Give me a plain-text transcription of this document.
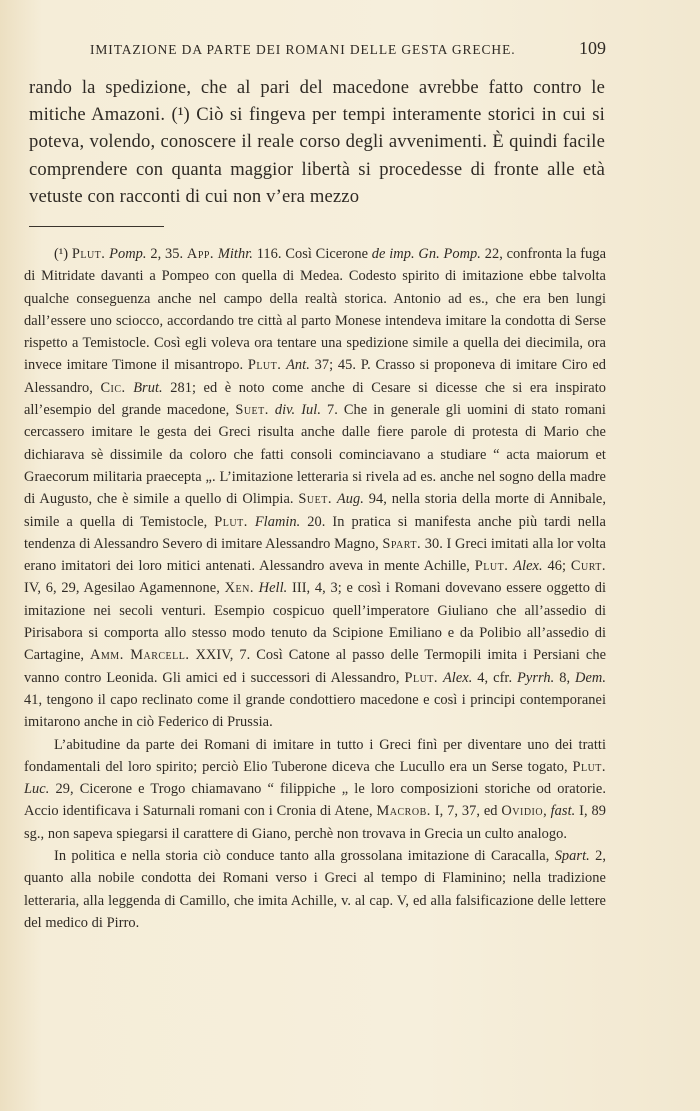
IMITAZIONE DA PARTE DEI ROMANI DELLE GESTA GRECHE.	109
rando la spedizione, che al pari del macedone avrebbe fatto contro le mitiche Amazoni. (¹) Ciò si fingeva per tempi interamente storici in cui si poteva, volendo, conoscere il reale corso degli avvenimenti. È quindi facile comprendere con quanta maggior libertà si procedesse di fronte alle età vetuste con racconti di cui non v’era mezzo

(¹) Plut. Pomp. 2, 35. App. Mithr. 116. Così Cicerone de imp. Gn. Pomp. 22, confronta la fuga di Mitridate davanti a Pompeo con quella di Medea. Codesto spirito di imitazione ebbe talvolta qualche conseguenza anche nel campo della realtà storica. Antonio ad es., che era ben lungi dall’essere uno sciocco, accordando tre città al parto Monese intendeva imitare la condotta di Serse rispetto a Temistocle. Così egli voleva ora tentare una spedizione simile a quella dei diecimila, ora invece imitare Timone il misantropo. Plut. Ant. 37; 45. P. Crasso si proponeva di imitare Ciro ed Alessandro, Cic. Brut. 281; ed è noto come anche di Cesare si dicesse che si era inspirato all’esempio del grande macedone, Suet. div. Iul. 7. Che in generale gli uomini di stato romani cercassero imitare le gesta dei Greci risulta anche dalle fiere parole di protesta di Mario che dichiarava sè dissimile da coloro che fatti consoli cominciavano a studiare “ acta maiorum et Graecorum militaria praecepta „. L’imitazione letteraria si rivela ad es. anche nel sogno della madre di Augusto, che è simile a quello di Olimpia. Suet. Aug. 94, nella storia della morte di Annibale, simile a quella di Temistocle, Plut. Flamin. 20. In pratica si manifesta anche più tardi nella tendenza di Alessandro Severo di imitare Alessandro Magno, Spart. 30. I Greci imitati alla lor volta erano imitatori dei loro mitici antenati. Alessandro aveva in mente Achille, Plut. Alex. 46; Curt. IV, 6, 29, Agesilao Agamennone, Xen. Hell. III, 4, 3; e così i Romani dovevano essere oggetto di imitazione nei secoli venturi. Esempio cospicuo quell’imperatore Giuliano che all’assedio di Pirisabora si comporta allo stesso modo tenuto da Scipione Emiliano e da Polibio all’assedio di Cartagine, Amm. Marcell. XXIV, 7. Così Catone al passo delle Termopili imita i Persiani che vanno contro Leonida. Gli amici ed i successori di Alessandro, Plut. Alex. 4, cfr. Pyrrh. 8, Dem. 41, tengono il capo reclinato come il grande condottiero macedone e così i principi contemporanei imitarono anche in ciò Federico di Prussia.

L’abitudine da parte dei Romani di imitare in tutto i Greci finì per diventare uno dei tratti fondamentali del loro spirito; perciò Elio Tuberone diceva che Lucullo era un Serse togato, Plut. Luc. 29, Cicerone e Trogo chiamavano “ filippiche „ le loro composizioni storiche od oratorie. Accio identificava i Saturnali romani con i Cronia di Atene, Macrob. I, 7, 37, ed Ovidio, fast. I, 89 sg., non sapeva spiegarsi il carattere di Giano, perchè non trovava in Grecia un culto analogo.

In politica e nella storia ciò conduce tanto alla grossolana imitazione di Caracalla, Spart. 2, quanto alla nobile condotta dei Romani verso i Greci al tempo di Flaminino; nella tradizione letteraria, alla leggenda di Camillo, che imita Achille, v. al cap. V, ed alla falsificazione delle lettere del medico di Pirro.
